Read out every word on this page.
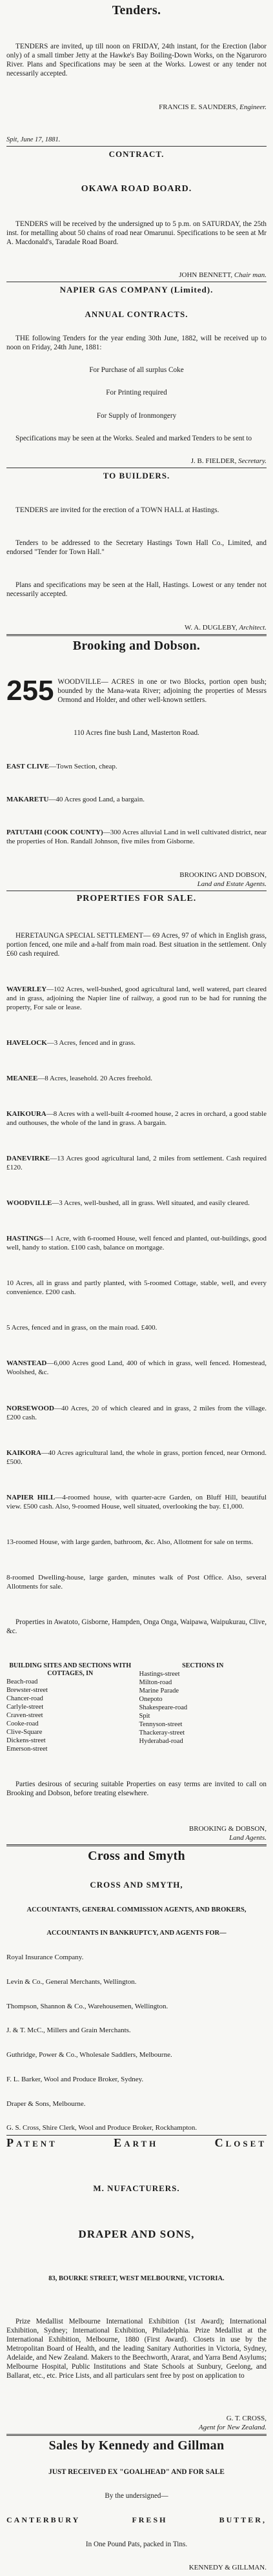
Tenders.

TENDERS are invited, up till noon on FRIDAY, 24th instant, for the Erection (labor only) of a small timber Jetty at the Hawke's Bay Boiling-Down Works, on the Ngaruroro River. Plans and Specifications may be seen at the Works. Lowest or any tender not necessarily accepted.

FRANCIS E. SAUNDERS, Engineer.
Spit, June 17, 1881.
CONTRACT.
OKAWA ROAD BOARD.

TENDERS will be received by the undersigned up to 5 p.m. on SATURDAY, the 25th inst. for metalling about 50 chains of road near Omarunui. Specifications to be seen at Mr A. Macdonald's, Taradale Road Board.

JOHN BENNETT, Chair man.
NAPIER GAS COMPANY (Limited).
ANNUAL CONTRACTS.

THE following Tenders for the year ending 30th June, 1882, will be received up to noon on Friday, 24th June, 1881:

For Purchase of all surplus Coke

For Printing required

For Supply of Ironmongery

Specifications may be seen at the Works. Sealed and marked Tenders to be sent to

J. B. FIELDER, Secretary.
TO BUILDERS.

TENDERS are invited for the erection of a TOWN HALL at Hastings.

Tenders to be addressed to the Secretary Hastings Town Hall Co., Limited, and endorsed "Tender for Town Hall."

Plans and specifications may be seen at the Hall, Hastings. Lowest or any tender not necessarily accepted.

W. A. DUGLEBY, Architect.
Brooking and Dobson.
255 WOODVILLE— ACRES in one or two Blocks, portion open bush; bounded by the Mana-wata River; adjoining the properties of Messrs Ormond and Holder, and other well-known settlers.

110 Acres fine bush Land, Masterton Road.

EAST CLIVE—Town Section, cheap.

MAKARETU—40 Acres good Land, a bargain.

PATUTAHI (COOK COUNTY)—300 Acres alluvial Land in well cultivated district, near the properties of Hon. Randall Johnson, five miles from Gisborne.

BROOKING AND DOBSON,
Land and Estate Agents.
PROPERTIES FOR SALE.

HERETAUNGA SPECIAL SETTLEMENT— 69 Acres, 97 of which in English grass, portion fenced, one mile and a-half from main road. Best situation in the settlement. Only £60 cash required.

WAVERLEY—102 Acres, well-bushed, good agricultural land, well watered, part cleared and in grass, adjoining the Napier line of railway, a good run to be had for running the property, For sale or lease.

HAVELOCK—3 Acres, fenced and in grass.

MEANEE—8 Acres, leasehold. 20 Acres freehold.

KAIKOURA—8 Acres with a well-built 4-roomed house, 2 acres in orchard, a good stable and outhouses, the whole of the land in grass. A bargain.

DANEVIRKE—13 Acres good agricultural land, 2 miles from settlement. Cash required £120.

WOODVILLE—3 Acres, well-bushed, all in grass. Well situated, and easily cleared.

HASTINGS—1 Acre, with 6-roomed House, well fenced and planted, out-buildings, good well, handy to station. £100 cash, balance on mortgage.

10 Acres, all in grass and partly planted, with 5-roomed Cottage, stable, well, and every convenience. £200 cash.

5 Acres, fenced and in grass, on the main road. £400.

WANSTEAD—6,000 Acres good Land, 400 of which in grass, well fenced. Homestead, Woolshed, &c.

NORSEWOOD—40 Acres, 20 of which cleared and in grass, 2 miles from the village. £200 cash.

KAIKORA—40 Acres agricultural land, the whole in grass, portion fenced, near Ormond. £500.

NAPIER HILL—4-roomed house, with quarter-acre Garden, on Bluff Hill, beautiful view. £500 cash. Also, 9-roomed House, well situated, overlooking the bay. £1,000.

13-roomed House, with large garden, bathroom, &c. Also, Allotment for sale on terms.

8-roomed Dwelling-house, large garden, minutes walk of Post Office. Also, several Allotments for sale.

Properties in Awatoto, Gisborne, Hampden, Onga Onga, Waipawa, Waipukurau, Clive, &c.

BUILDING SITES AND SECTIONS WITH COTTAGES, IN
Beach-road
Brewster-street
Chancer-road
Carlyle-street
Craven-street
Cooke-road
Clive-Square
Dickens-street
Emerson-street
SECTIONS IN
Hastings-street
Milton-road
Marine Parade
Onepoto
Shakespeare-road
Spit
Tennyson-street
Thackeray-street
Hyderabad-road

Parties desirous of securing suitable Properties on easy terms are invited to call on Brooking and Dobson, before treating elsewhere.

BROOKING & DOBSON,
Land Agents.
Cross and Smyth
CROSS AND SMYTH,

ACCOUNTANTS, GENERAL COMMISSION AGENTS, AND BROKERS,

ACCOUNTANTS IN BANKRUPTCY, AND AGENTS FOR—

Royal Insurance Company.

Levin & Co., General Merchants, Wellington.

Thompson, Shannon & Co., Warehousemen, Wellington.

J. & T. McC., Millers and Grain Merchants.

Guthridge, Power & Co., Wholesale Saddlers, Melbourne.

F. L. Barker, Wool and Produce Broker, Sydney.

Draper & Sons, Melbourne.

G. S. Cross, Shire Clerk, Wool and Produce Broker, Rockhampton.

PATENT	EARTH	CLOSET
M. NUFACTURERS.
DRAPER AND SONS,

83, BOURKE STREET, WEST MELBOURNE, VICTORIA.

Prize Medallist Melbourne International Exhibition (1st Award); International Exhibition, Sydney; International Exhibition, Philadelphia. Prize Medallist at the International Exhibition, Melbourne, 1880 (First Award). Closets in use by the Metropolitan Board of Health, and the leading Sanitary Authorities in Victoria, Sydney, Adelaide, and New Zealand. Makers to the Beechworth, Ararat, and Yarra Bend Asylums; Melbourne Hospital, Public Institutions and State Schools at Sunbury, Geelong, and Ballarat, etc., etc. Price Lists, and all particulars sent free by post on application to

G. T. CROSS,
Agent for New Zealand.
Sales by Kennedy and Gillman

JUST RECEIVED EX "GOALHEAD" AND FOR SALE

By the undersigned—

CANTERBURY	FRESH	BUTTER,

In One Pound Pats, packed in Tins.

KENNEDY & GILLMAN.
